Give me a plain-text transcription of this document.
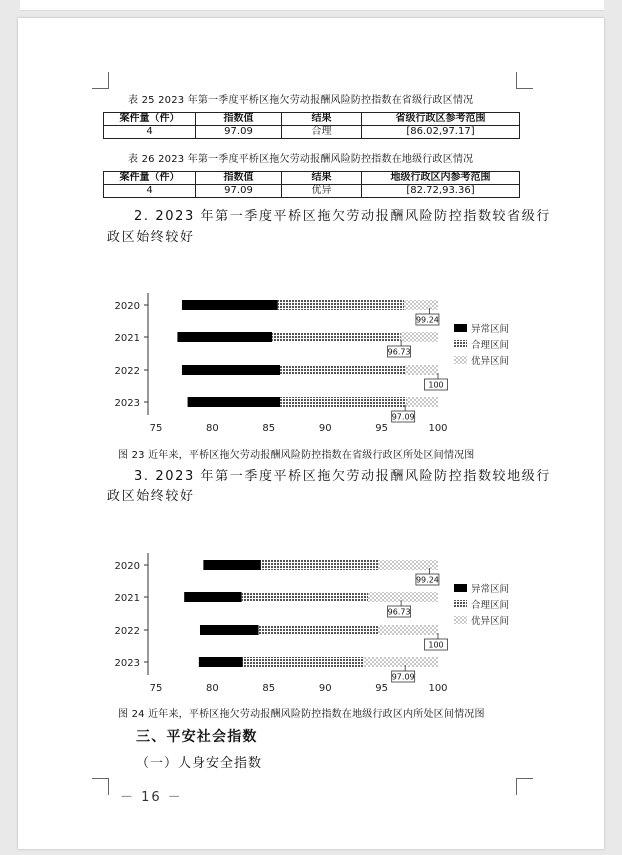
表 25 2023 年第一季度平桥区拖欠劳动报酬风险防控指数在省级行政区情况
案件量（件）	指数值	结果	省级行政区参考范围
4	97.09	合理	[86.02,97.17]
表 26 2023 年第一季度平桥区拖欠劳动报酬风险防控指数在地级行政区情况
案件量（件）	指数值	结果	地级行政区内参考范围
4	97.09	优异	[82.72,93.36]
2. 2023 年第一季度平桥区拖欠劳动报酬风险防控指数较省级行
政区始终较好
2020
2021
2022
2023
99.24
96.73
100
97.09
75	80	85	90	95	100
异常区间
合理区间
优异区间
图 23 近年来，平桥区拖欠劳动报酬风险防控指数在省级行政区所处区间情况图
3. 2023 年第一季度平桥区拖欠劳动报酬风险防控指数较地级行
政区始终较好
2020
2021
2022
2023
99.24
96.73
100
97.09
75	80	85	90	95	100
异常区间
合理区间
优异区间
图 24 近年来，平桥区拖欠劳动报酬风险防控指数在地级行政区内所处区间情况图
三、平安社会指数
（一）人身安全指数
－ 16 －
